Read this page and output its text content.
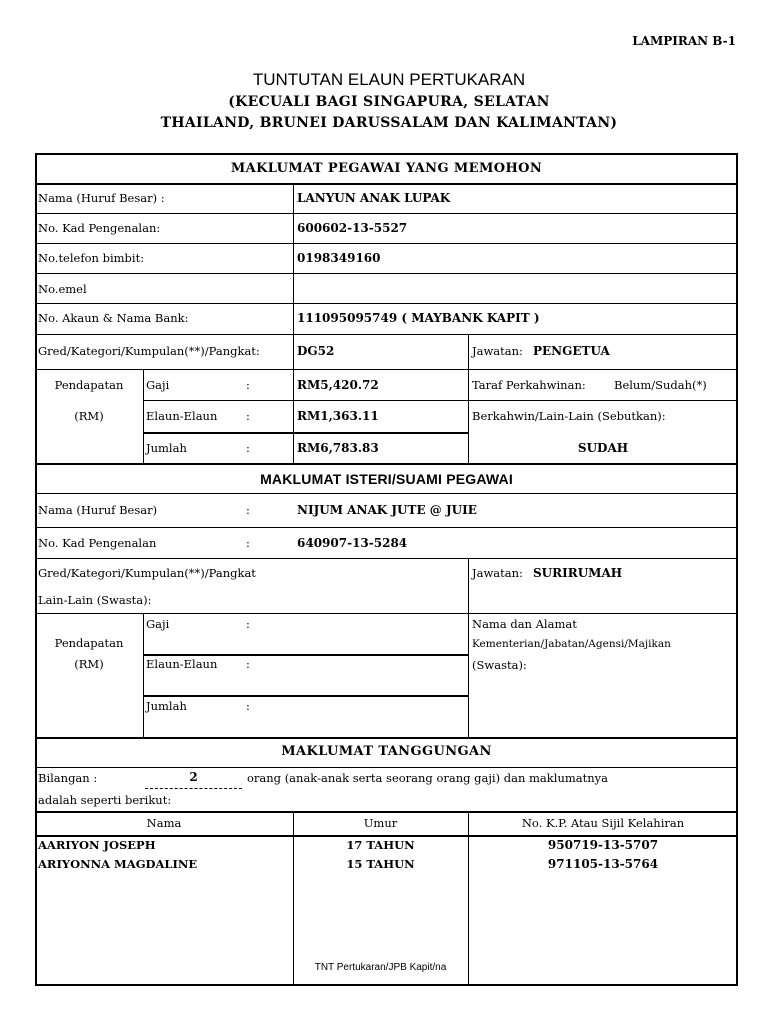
LAMPIRAN B-1
TUNTUTAN ELAUN PERTUKARAN
(KECUALI BAGI SINGAPURA, SELATAN
THAILAND, BRUNEI DARUSSALAM DAN KALIMANTAN)
MAKLUMAT PEGAWAI YANG MEMOHON
Nama (Huruf Besar) :	LANYUN ANAK LUPAK
No. Kad Pengenalan:	600602-13-5527
No.telefon bimbit:	0198349160
No.emel
No. Akaun & Nama Bank:	111095095749 ( MAYBANK KAPIT )
Gred/Kategori/Kumpulan(**)/Pangkat:	DG52	Jawatan: PENGETUA
Pendapatan
(RM)
Gaji	:	RM5,420.72
Elaun-Elaun :	RM1,363.11
Jumlah	:	RM6,783.83
Taraf Perkahwinan: Belum/Sudah(*)
Berkahwin/Lain-Lain (Sebutkan):
SUDAH
MAKLUMAT ISTERI/SUAMI PEGAWAI
Nama (Huruf Besar)	:	NIJUM ANAK JUTE @ JUIE
No. Kad Pengenalan	:	640907-13-5284
Gred/Kategori/Kumpulan(**)/Pangkat	Jawatan: SURIRUMAH
Lain-Lain (Swasta):
Pendapatan
(RM)
Gaji	:
Elaun-Elaun :
Jumlah	:
Nama dan Alamat
Kementerian/Jabatan/Agensi/Majikan
(Swasta):
MAKLUMAT TANGGUNGAN
Bilangan :	2	orang (anak-anak serta seorang orang gaji) dan maklumatnya
adalah seperti berikut:
Nama	Umur	No. K.P. Atau Sijil Kelahiran
AARIYON JOSEPH	17 TAHUN	950719-13-5707
ARIYONNA MAGDALINE	15 TAHUN	971105-13-5764
TNT Pertukaran/JPB Kapit/na
